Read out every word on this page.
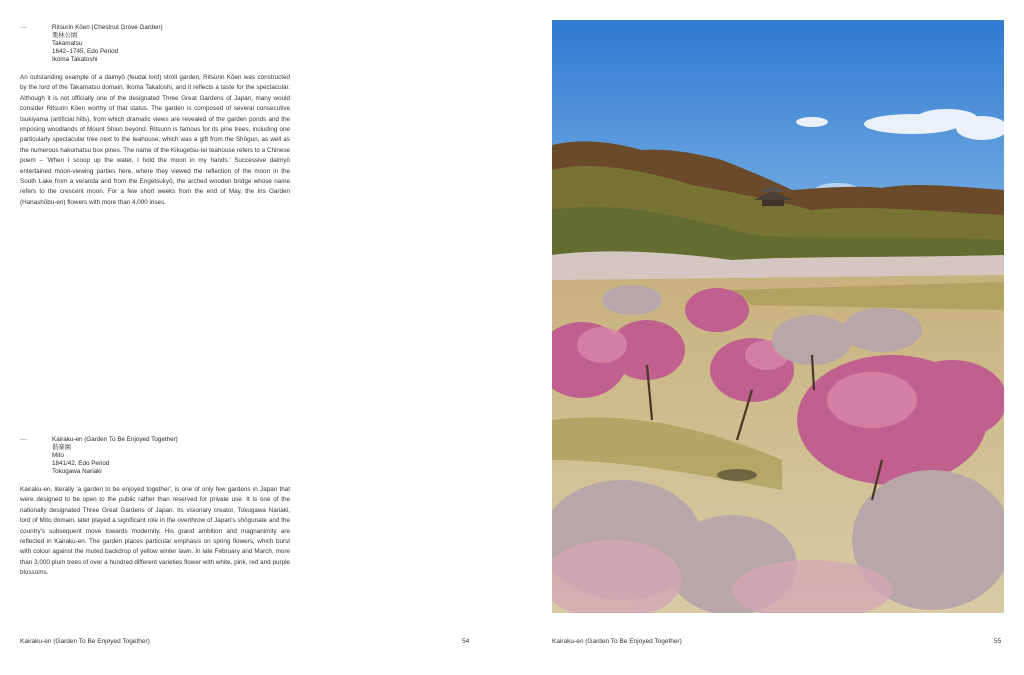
—	Ritsurin Kōen (Chestnut Grove Garden)
栗林公園
Takamatsu
1642–1745, Edo Period
Ikoma Takatoshi

An outstanding example of a daimyō (feudal lord) stroll garden, Ritsurin Kōen was constructed by the lord of the Takamatsu domain, Ikoma Takatoshi, and it reflects a taste for the spectacular. Although it is not officially one of the designated Three Great Gardens of Japan, many would consider Ritsurin Kōen worthy of that status. The garden is composed of several consecutive tsukiyama (artificial hills), from which dramatic views are revealed of the garden ponds and the imposing woodlands of Mount Shiun beyond. Ritsurin is famous for its pine trees, including one particularly spectacular tree next to the teahouse, which was a gift from the Shōgun, as well as the numerous hakomatsu box pines. The name of the Kikugetsu-tei teahouse refers to a Chinese poem – 'When I scoop up the water, I hold the moon in my hands.' Successive daimyō entertained moon-viewing parties here, where they viewed the reflection of the moon in the South Lake from a veranda and from the Engetsukyō, the arched wooden bridge whose name refers to the crescent moon. For a few short weeks from the end of May, the Iris Garden (Hanashōbu-en) flowers with more than 4,000 irises.

—	Kairaku-en (Garden To Be Enjoyed Together)
偕楽園
Mito
1841/42, Edo Period
Tokugawa Nariaki

Kairaku-en, literally 'a garden to be enjoyed together', is one of only few gardens in Japan that were designed to be open to the public rather than reserved for private use. It is one of the nationally designated Three Great Gardens of Japan. Its visionary creator, Tokugawa Nariaki, lord of Mito domain, later played a significant role in the overthrow of Japan's shōgunate and the country's subsequent move towards modernity. His grand ambition and magnanimity are reflected in Kairaku-en. The garden places particular emphasis on spring flowers, which burst with colour against the muted backdrop of yellow winter lawn. In late February and March, more than 3,000 plum trees of over a hundred different varieties flower with white, pink, red and purple blossoms.

Kairaku-en (Garden To Be Enjoyed Together)	54	Kairaku-en (Garden To Be Enjoyed Together)	55
